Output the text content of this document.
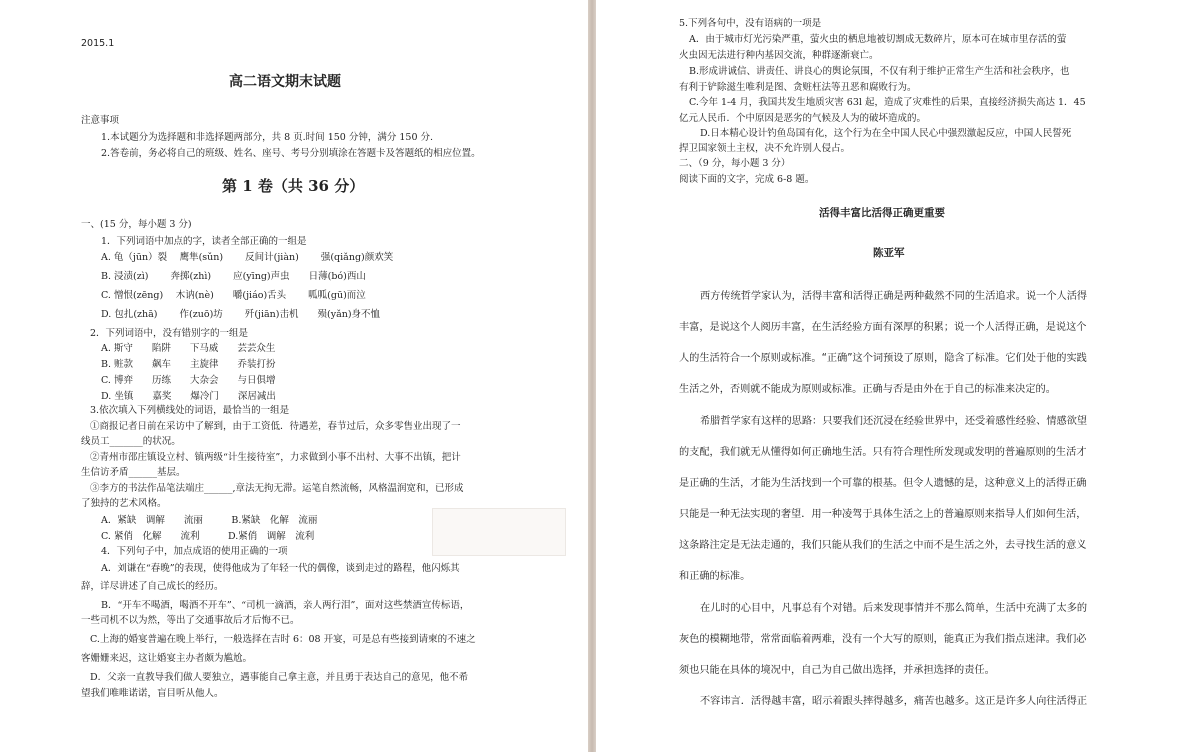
2015.1
高二语文期末试题
注意事项
1.本试题分为选择题和非选择题两部分，共 8 页.时间 150 分钟，满分 150 分.
2.答卷前，务必将自己的班级、姓名、座号、考号分别填涂在答题卡及答题纸的相应位置。
第 1 卷（共 36 分）
一、(15 分，每小题 3 分)
1．下列词语中加点的字，读者全部正确的一组是
A. 龟（jūn）裂　 鹰隼(sǔn)　 　反间计(jiàn)　　 强(qiǎng)颜欢笑
B. 浸渍(zì)　　 奔掷(zhì)　　 应(yīng)声虫　　日薄(bó)西山
C. 憎恨(zēng)　 木讷(nè)　　嚼(jiáo)舌头　　 呱呱(gū)而泣
D. 包扎(zhā)　　 作(zuō)坊　　 歼(jiān)击机　　殒(yǎn)身不恤
2．下列词语中，没有错别字的一组是
A. 斯守　　陷阱　　下马威　　芸芸众生
B. 赃款　　飙车　　主旋律　　乔装打扮
C. 博弈　　历练　　大杂会　　与日俱增
D. 坐镇　　嘉奖　　爆冷门　　深居减出
3.依次填入下列横线处的词语，最恰当的一组是
①商报记者日前在采访中了解到，由于工资低．待遇差，春节过后，众多零售业出现了一
线员工_______的状况。
②青州市邵庄镇设立村、镇两级“计生接待室”，力求做到小事不出村、大事不出镇，把计
生信访矛盾______基层。
③李方的书法作品笔法端庄______,章法无拘无滞。运笔自然流畅，风格温润宽和，已形成
了独持的艺术风格。
A．紧缺　调解　　流丽　　　B.紧缺　化解　流丽
C. 紧俏　化解　　流利　　　D.紧俏　调解　流利
4．下列句子中，加点成语的使用正确的一项
A．刘谦在“春晚”的表现，使得他成为了年轻一代的偶像，谈到走过的路程，他闪烁其
辞，详尽讲述了自己成长的经历。
B．“开车不喝酒，喝酒不开车”、“司机一滴酒，亲人两行泪”，面对这些禁酒宣传标语，
一些司机不以为然，等出了交通事故后才后悔不已。
C.上海的婚宴普遍在晚上举行，一般选择在吉时 6：08 开宴，可是总有些接到请柬的不速之
客姗姗来迟，这让婚宴主办者颇为尴尬。
D．父亲一直教导我们做人要独立，遇事能自己拿主意，并且勇于表达自己的意见，他不希
望我们唯唯诺诺，盲目听从他人。
5.下列各句中，没有语病的一项是
A．由于城市灯光污染严重，萤火虫的栖息地被切割成无数碎片，原本可在城市里存活的萤
火虫因无法进行种内基因交流，种群逐渐衰亡。
B.形成讲诚信、讲责任、讲良心的舆论氛围，不仅有利于维护正常生产生活和社会秩序，也
有利于铲除滋生唯利是图、贪赃枉法等丑恶和腐败行为。
C.今年 1-4 月，我国共发生地质灾害 63l 起，造成了灾难性的后果，直接经济损失高达 1．45
亿元人民币．个中原因是恶劣的气候及人为的破坏造成的。
D.日本精心设计钓鱼岛国有化，这个行为在全中国人民心中强烈激起反应，中国人民誓死
捍卫国家领土主权，决不允许别人侵占。
二、（9 分，每小题 3 分）
阅读下面的文字，完成 6-8 题。
活得丰富比活得正确更重要
陈亚军
西方传统哲学家认为，活得丰富和活得正确是两种截然不同的生活追求。说一个人活得
丰富，是说这个人阅历丰富，在生活经验方面有深厚的积累；说一个人活得正确，是说这个
人的生活符合一个原则或标准。“正确”这个词预设了原则，隐含了标准。它们处于他的实践
生活之外，否则就不能成为原则或标准。正确与否是由外在于自己的标准来决定的。
希腊哲学家有这样的思路：只要我们还沉浸在经验世界中，还受着感性经验、情感欲望
的支配，我们就无从懂得如何正确地生活。只有符合理性所发现或发明的普遍原则的生活才
是正确的生活，才能为生活找到一个可靠的根基。但令人遗憾的是，这种意义上的活得正确
只能是一种无法实现的奢望．用一种凌驾于具体生活之上的普遍原则来指导人们如何生活，
这条路注定是无法走通的，我们只能从我们的生活之中而不是生活之外，去寻找生活的意义
和正确的标准。
在儿时的心目中，凡事总有个对错。后来发现事情并不那么简单，生活中充满了太多的
灰色的模糊地带，常常面临着两难，没有一个大写的原则，能真正为我们指点迷津。我们必
须也只能在具体的境况中，自己为自己做出选择，并承担选择的责任。
不容讳言．活得越丰富，昭示着跟头摔得越多，痛苦也越多。这正是许多人向往活得正
